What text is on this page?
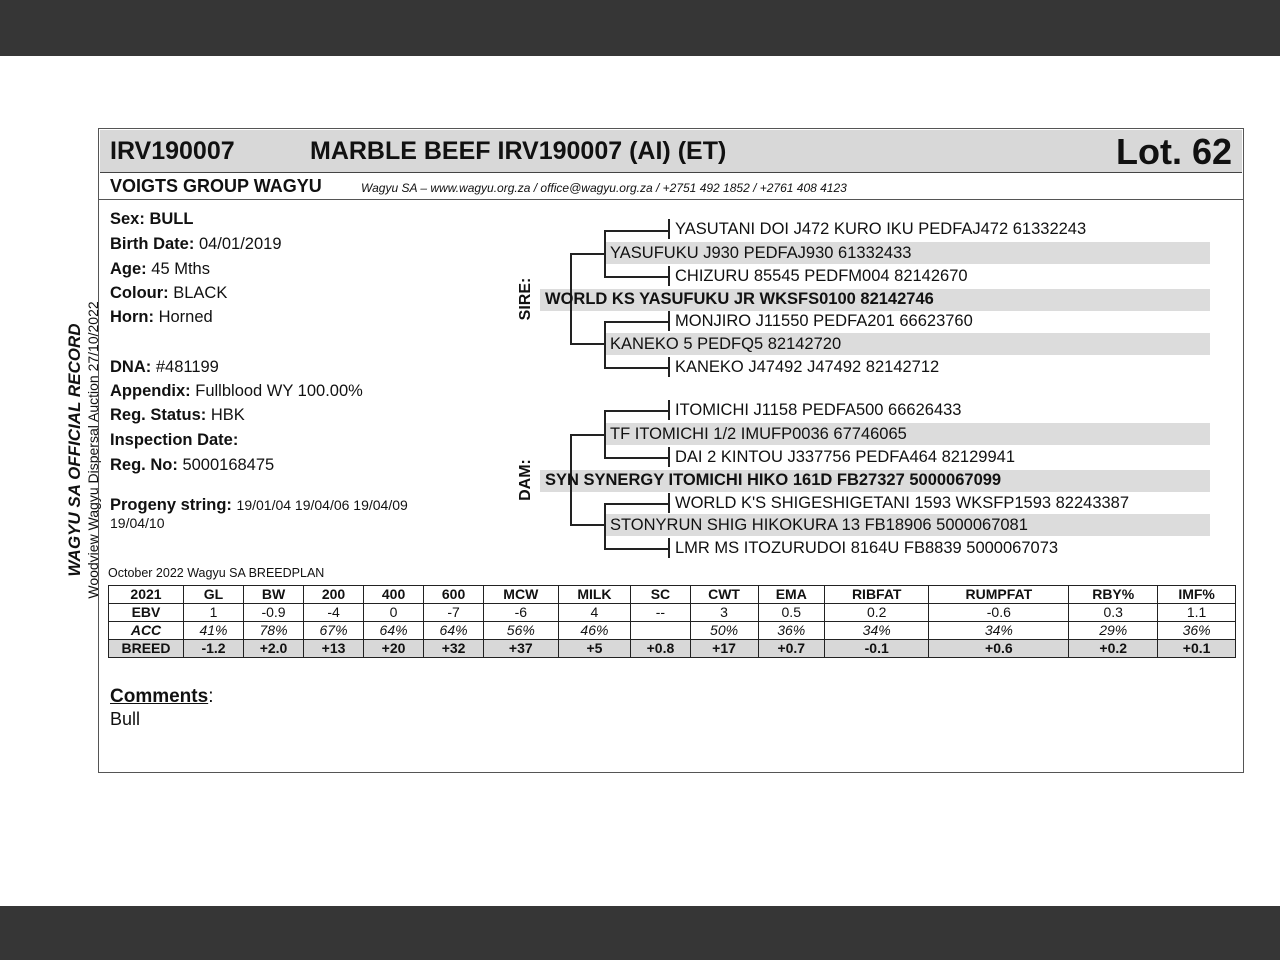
WAGYU SA OFFICIAL RECORD Woodview Wagyu Dispersal Auction 27/10/2022
IRV190007	MARBLE BEEF IRV190007 (AI) (ET)	Lot. 62
VOIGTS GROUP WAGYU	Wagyu SA – www.wagyu.org.za / office@wagyu.org.za / +2751 492 1852 / +2761 408 4123
Sex: BULL
Birth Date: 04/01/2019
Age: 45 Mths
Colour: BLACK
Horn: Horned
DNA: #481199
Appendix: Fullblood WY 100.00%
Reg. Status: HBK
Inspection Date:
Reg. No: 5000168475
Progeny string: 19/01/04 19/04/06 19/04/09
19/04/10
SIRE:
DAM:
YASUTANI DOI J472 KURO IKU PEDFAJ472 61332243
YASUFUKU J930 PEDFAJ930 61332433
CHIZURU 85545 PEDFM004 82142670
WORLD KS YASUFUKU JR WKSFS0100 82142746
MONJIRO J11550 PEDFA201 66623760
KANEKO 5 PEDFQ5 82142720
KANEKO J47492 J47492 82142712
ITOMICHI J1158 PEDFA500 66626433
TF ITOMICHI 1/2 IMUFP0036 67746065
DAI 2 KINTOU J337756 PEDFA464 82129941
SYN SYNERGY ITOMICHI HIKO 161D FB27327 5000067099
WORLD K'S SHIGESHIGETANI 1593 WKSFP1593 82243387
STONYRUN SHIG HIKOKURA 13 FB18906 5000067081
LMR MS ITOZURUDOI 8164U FB8839 5000067073
October 2022 Wagyu SA BREEDPLAN
2021	GL	BW	200	400	600	MCW	MILK	SC	CWT	EMA	RIBFAT	RUMPFAT	RBY%	IMF%
EBV	1	-0.9	-4	0	-7	-6	4	--	3	0.5	0.2	-0.6	0.3	1.1
ACC	41%	78%	67%	64%	64%	56%	46%		50%	36%	34%	34%	29%	36%
BREED	-1.2	+2.0	+13	+20	+32	+37	+5	+0.8	+17	+0.7	-0.1	+0.6	+0.2	+0.1
Comments:
Bull
